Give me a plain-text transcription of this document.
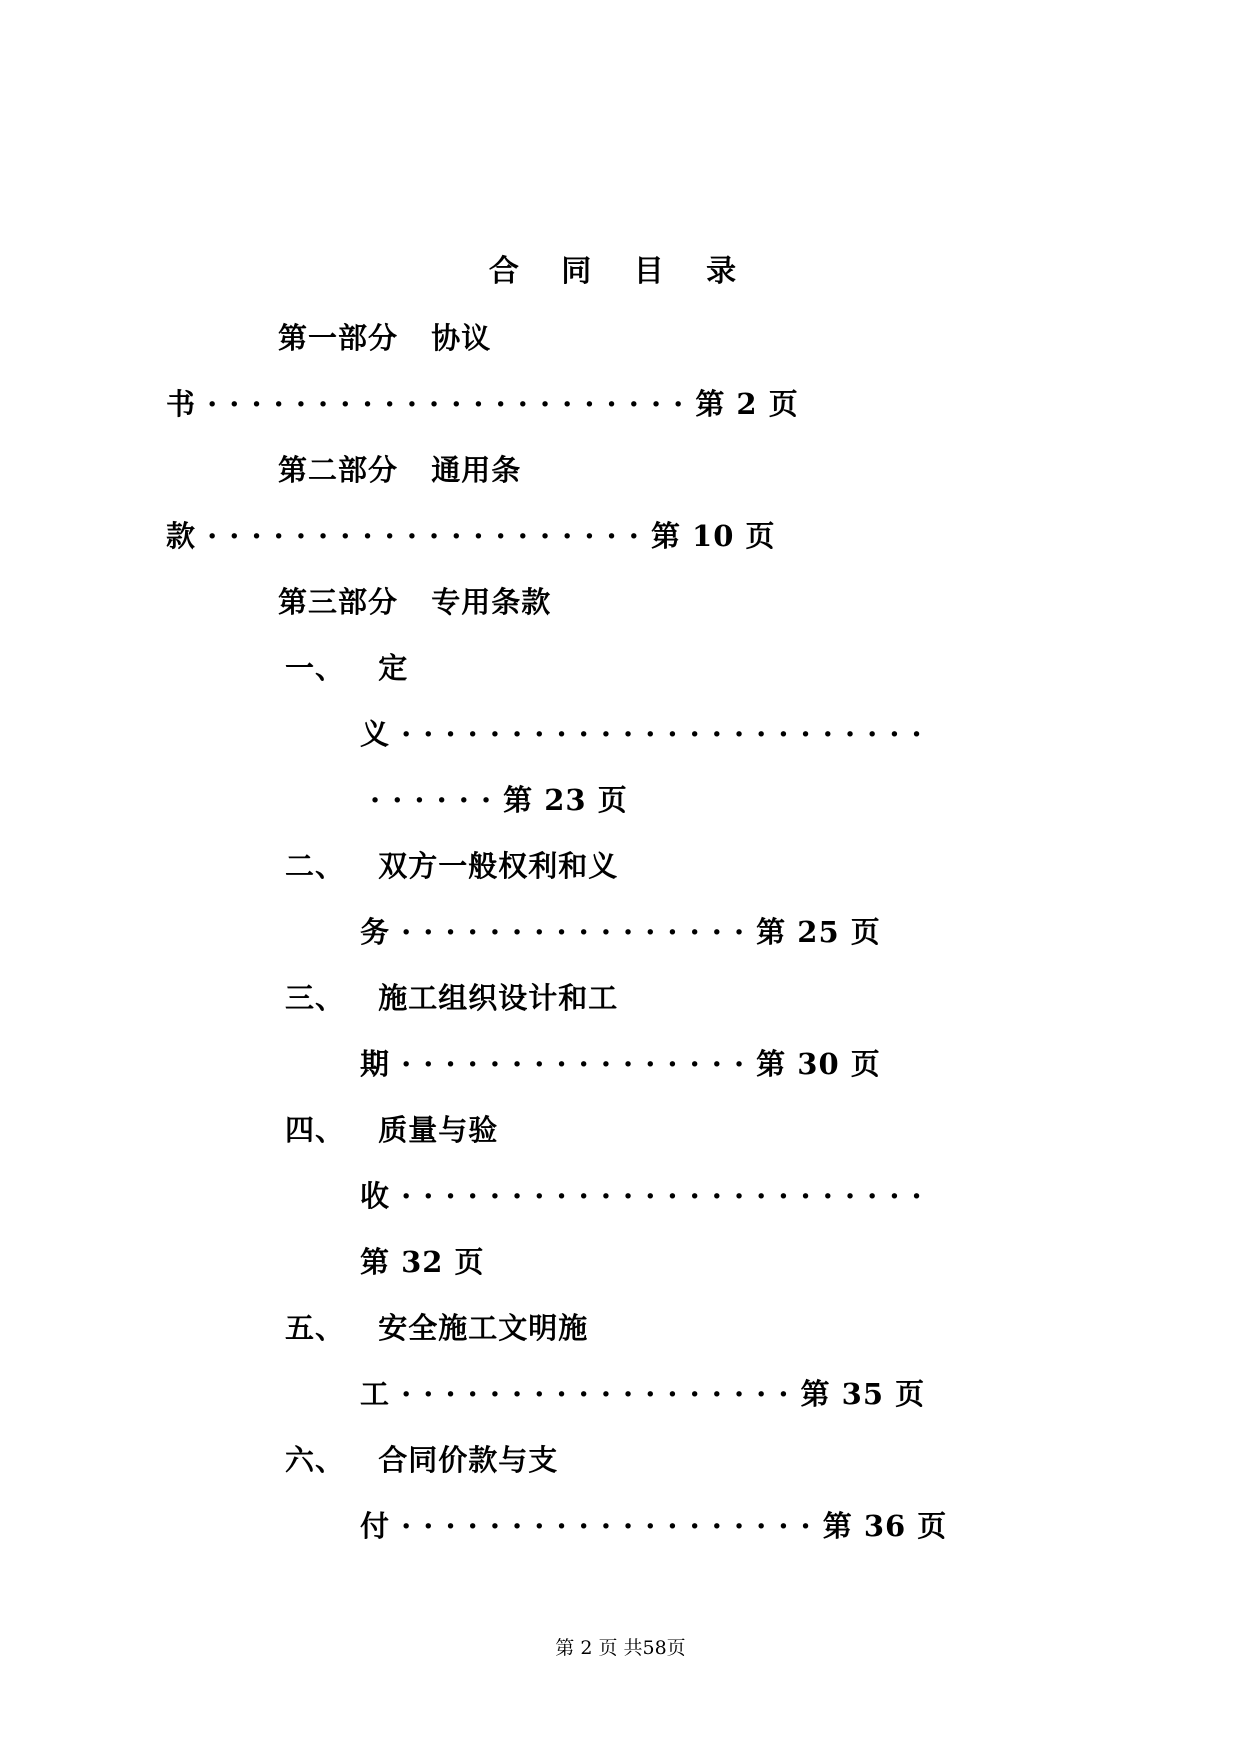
合 同 目 录
第一部分   协议
书 · · · · · · · · · · · · · · · · · · · · · · 第 2 页
第二部分   通用条
款 · · · · · · · · · · · · · · · · · · · · 第 10 页
第三部分   专用条款
一、   定
义 · · · · · · · · · · · · · · · · · · · · · · · ·
· · · · · · 第 23 页
二、   双方一般权利和义
务 · · · · · · · · · · · · · · · · 第 25 页
三、   施工组织设计和工
期 · · · · · · · · · · · · · · · · 第 30 页
四、   质量与验
收 · · · · · · · · · · · · · · · · · · · · · · · ·
第 32 页
五、   安全施工文明施
工 · · · · · · · · · · · · · · · · · · 第 35 页
六、   合同价款与支
付 · · · · · · · · · · · · · · · · · · · 第 36 页
第 2 页 共58页
